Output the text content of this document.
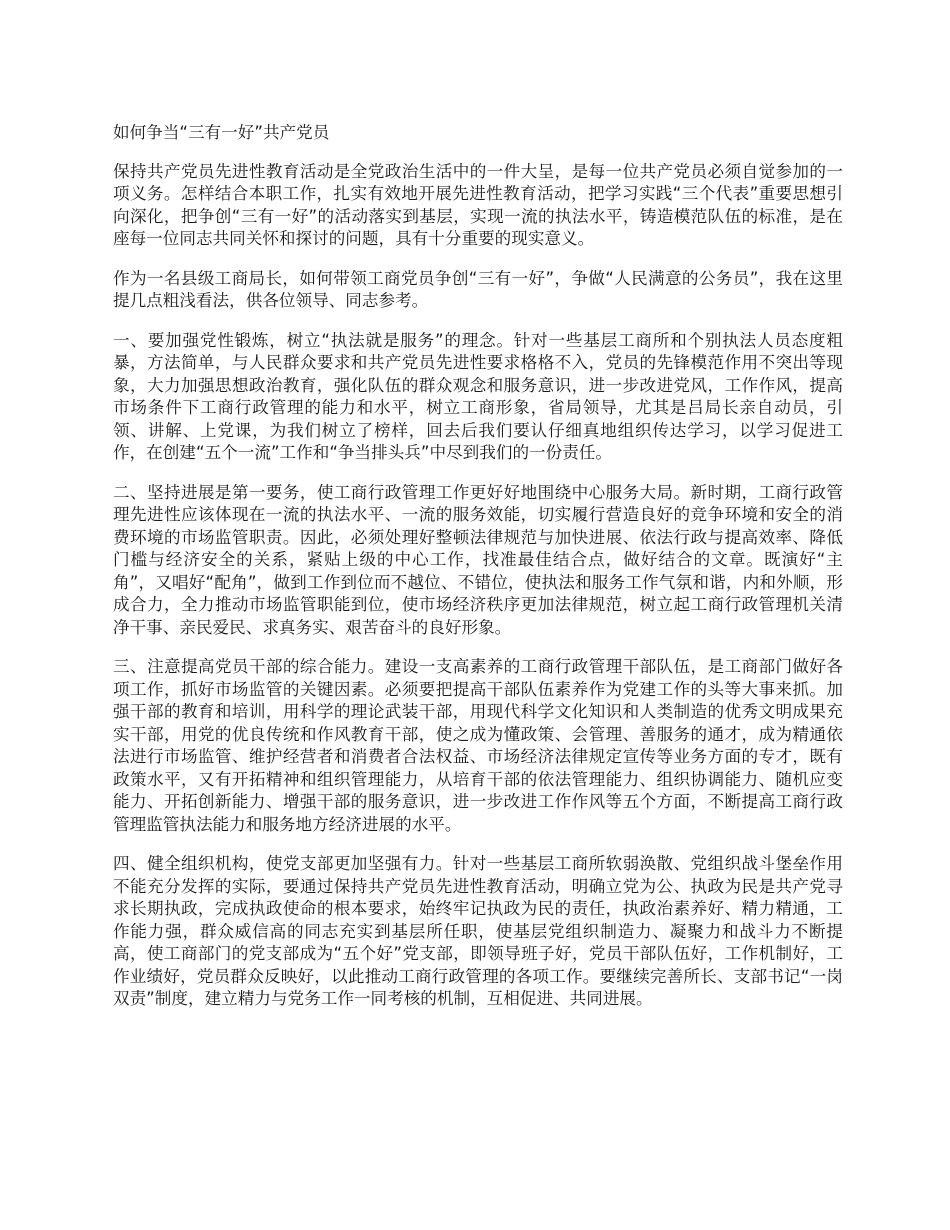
如何争当“三有一好”共产党员

保持共产党员先进性教育活动是全党政治生活中的一件大呈，是每一位共产党员必须自觉参加的一项义务。怎样结合本职工作，扎实有效地开展先进性教育活动，把学习实践“三个代表”重要思想引向深化，把争创“三有一好”的活动落实到基层，实现一流的执法水平，铸造模范队伍的标准，是在座每一位同志共同关怀和探讨的问题，具有十分重要的现实意义。

作为一名县级工商局长，如何带领工商党员争创“三有一好”，争做“人民满意的公务员”，我在这里提几点粗浅看法，供各位领导、同志参考。

一、要加强党性锻炼，树立“执法就是服务”的理念。针对一些基层工商所和个别执法人员态度粗暴，方法简单，与人民群众要求和共产党员先进性要求格格不入，党员的先锋模范作用不突出等现象，大力加强思想政治教育，强化队伍的群众观念和服务意识，进一步改进党风，工作作风，提高市场条件下工商行政管理的能力和水平，树立工商形象，省局领导，尤其是吕局长亲自动员，引领、讲解、上党课，为我们树立了榜样，回去后我们要认仔细真地组织传达学习，以学习促进工作，在创建“五个一流”工作和“争当排头兵”中尽到我们的一份责任。

二、坚持进展是第一要务，使工商行政管理工作更好好地围绕中心服务大局。新时期，工商行政管理先进性应该体现在一流的执法水平、一流的服务效能，切实履行营造良好的竞争环境和安全的消费环境的市场监管职责。因此，必须处理好整顿法律规范与加快进展、依法行政与提高效率、降低门槛与经济安全的关系，紧贴上级的中心工作，找准最佳结合点，做好结合的文章。既演好“主角”，又唱好“配角”，做到工作到位而不越位、不错位，使执法和服务工作气氛和谐，内和外顺，形成合力，全力推动市场监管职能到位，使市场经济秩序更加法律规范，树立起工商行政管理机关清净干事、亲民爱民、求真务实、艰苦奋斗的良好形象。

三、注意提高党员干部的综合能力。建设一支高素养的工商行政管理干部队伍，是工商部门做好各项工作，抓好市场监管的关键因素。必须要把提高干部队伍素养作为党建工作的头等大事来抓。加强干部的教育和培训，用科学的理论武装干部，用现代科学文化知识和人类制造的优秀文明成果充实干部，用党的优良传统和作风教育干部，使之成为懂政策、会管理、善服务的通才，成为精通依法进行市场监管、维护经营者和消费者合法权益、市场经济法律规定宣传等业务方面的专才，既有政策水平，又有开拓精神和组织管理能力，从培育干部的依法管理能力、组织协调能力、随机应变能力、开拓创新能力、增强干部的服务意识，进一步改进工作作风等五个方面，不断提高工商行政管理监管执法能力和服务地方经济进展的水平。

四、健全组织机构，使党支部更加坚强有力。针对一些基层工商所软弱涣散、党组织战斗堡垒作用不能充分发挥的实际，要通过保持共产党员先进性教育活动，明确立党为公、执政为民是共产党寻求长期执政，完成执政使命的根本要求，始终牢记执政为民的责任，执政治素养好、精力精通，工作能力强，群众威信高的同志充实到基层所任职，使基层党组织制造力、凝聚力和战斗力不断提高，使工商部门的党支部成为“五个好”党支部，即领导班子好，党员干部队伍好，工作机制好，工作业绩好，党员群众反映好，以此推动工商行政管理的各项工作。要继续完善所长、支部书记“一岗双责”制度，建立精力与党务工作一同考核的机制，互相促进、共同进展。
